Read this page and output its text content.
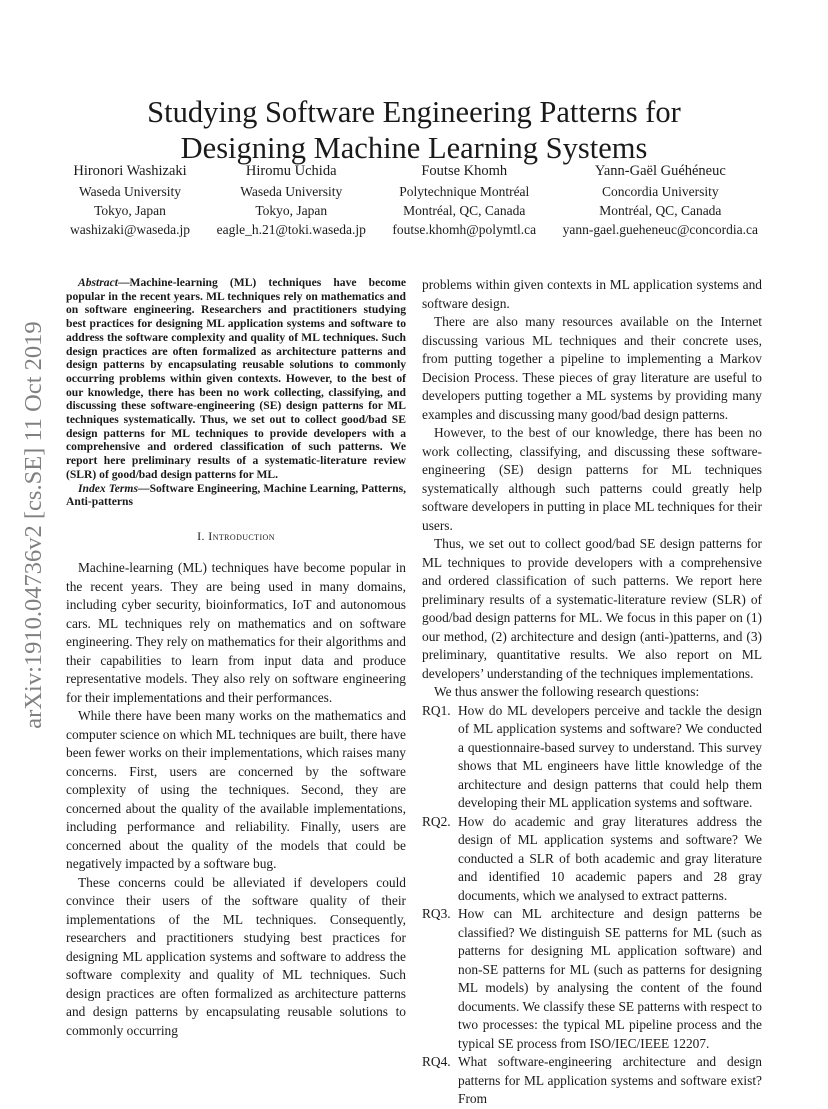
arXiv:1910.04736v2 [cs.SE] 11 Oct 2019
Studying Software Engineering Patterns for
Designing Machine Learning Systems
Hironori Washizaki
Waseda University
Tokyo, Japan
washizaki@waseda.jp
Hiromu Uchida
Waseda University
Tokyo, Japan
eagle_h.21@toki.waseda.jp
Foutse Khomh
Polytechnique Montréal
Montréal, QC, Canada
foutse.khomh@polymtl.ca
Yann-Gaël Guéhéneuc
Concordia University
Montréal, QC, Canada
yann-gael.gueheneuc@concordia.ca

Abstract—Machine-learning (ML) techniques have become popular in the recent years. ML techniques rely on mathematics and on software engineering. Researchers and practitioners studying best practices for designing ML application systems and software to address the software complexity and quality of ML techniques. Such design practices are often formalized as architecture patterns and design patterns by encapsulating reusable solutions to commonly occurring problems within given contexts. However, to the best of our knowledge, there has been no work collecting, classifying, and discussing these software-engineering (SE) design patterns for ML techniques systematically. Thus, we set out to collect good/bad SE design patterns for ML techniques to provide developers with a comprehensive and ordered classification of such patterns. We report here preliminary results of a systematic-literature review (SLR) of good/bad design patterns for ML.

Index Terms—Software Engineering, Machine Learning, Patterns, Anti-patterns

I. Introduction

Machine-learning (ML) techniques have become popular in the recent years. They are being used in many domains, including cyber security, bioinformatics, IoT and autonomous cars. ML techniques rely on mathematics and on software engineering. They rely on mathematics for their algorithms and their capabilities to learn from input data and produce representative models. They also rely on software engineering for their implementations and their performances.

While there have been many works on the mathematics and computer science on which ML techniques are built, there have been fewer works on their implementations, which raises many concerns. First, users are concerned by the software complexity of using the techniques. Second, they are concerned about the quality of the available implementations, including performance and reliability. Finally, users are concerned about the quality of the models that could be negatively impacted by a software bug.

These concerns could be alleviated if developers could convince their users of the software quality of their implementations of the ML techniques. Consequently, researchers and practitioners studying best practices for designing ML application systems and software to address the software complexity and quality of ML techniques. Such design practices are often formalized as architecture patterns and design patterns by encapsulating reusable solutions to commonly occurring

problems within given contexts in ML application systems and software design.

There are also many resources available on the Internet discussing various ML techniques and their concrete uses, from putting together a pipeline to implementing a Markov Decision Process. These pieces of gray literature are useful to developers putting together a ML systems by providing many examples and discussing many good/bad design patterns.

However, to the best of our knowledge, there has been no work collecting, classifying, and discussing these software-engineering (SE) design patterns for ML techniques systematically although such patterns could greatly help software developers in putting in place ML techniques for their users.

Thus, we set out to collect good/bad SE design patterns for ML techniques to provide developers with a comprehensive and ordered classification of such patterns. We report here preliminary results of a systematic-literature review (SLR) of good/bad design patterns for ML. We focus in this paper on (1) our method, (2) architecture and design (anti-)patterns, and (3) preliminary, quantitative results. We also report on ML developers’ understanding of the techniques implementations.

We thus answer the following research questions:

RQ1. How do ML developers perceive and tackle the design of ML application systems and software? We conducted a questionnaire-based survey to understand. This survey shows that ML engineers have little knowledge of the architecture and design patterns that could help them developing their ML application systems and software.
RQ2. How do academic and gray literatures address the design of ML application systems and software? We conducted a SLR of both academic and gray literature and identified 10 academic papers and 28 gray documents, which we analysed to extract patterns.
RQ3. How can ML architecture and design patterns be classified? We distinguish SE patterns for ML (such as patterns for designing ML application software) and non-SE patterns for ML (such as patterns for designing ML models) by analysing the content of the found documents. We classify these SE patterns with respect to two processes: the typical ML pipeline process and the typical SE process from ISO/IEC/IEEE 12207.
RQ4. What software-engineering architecture and design patterns for ML application systems and software exist? From
